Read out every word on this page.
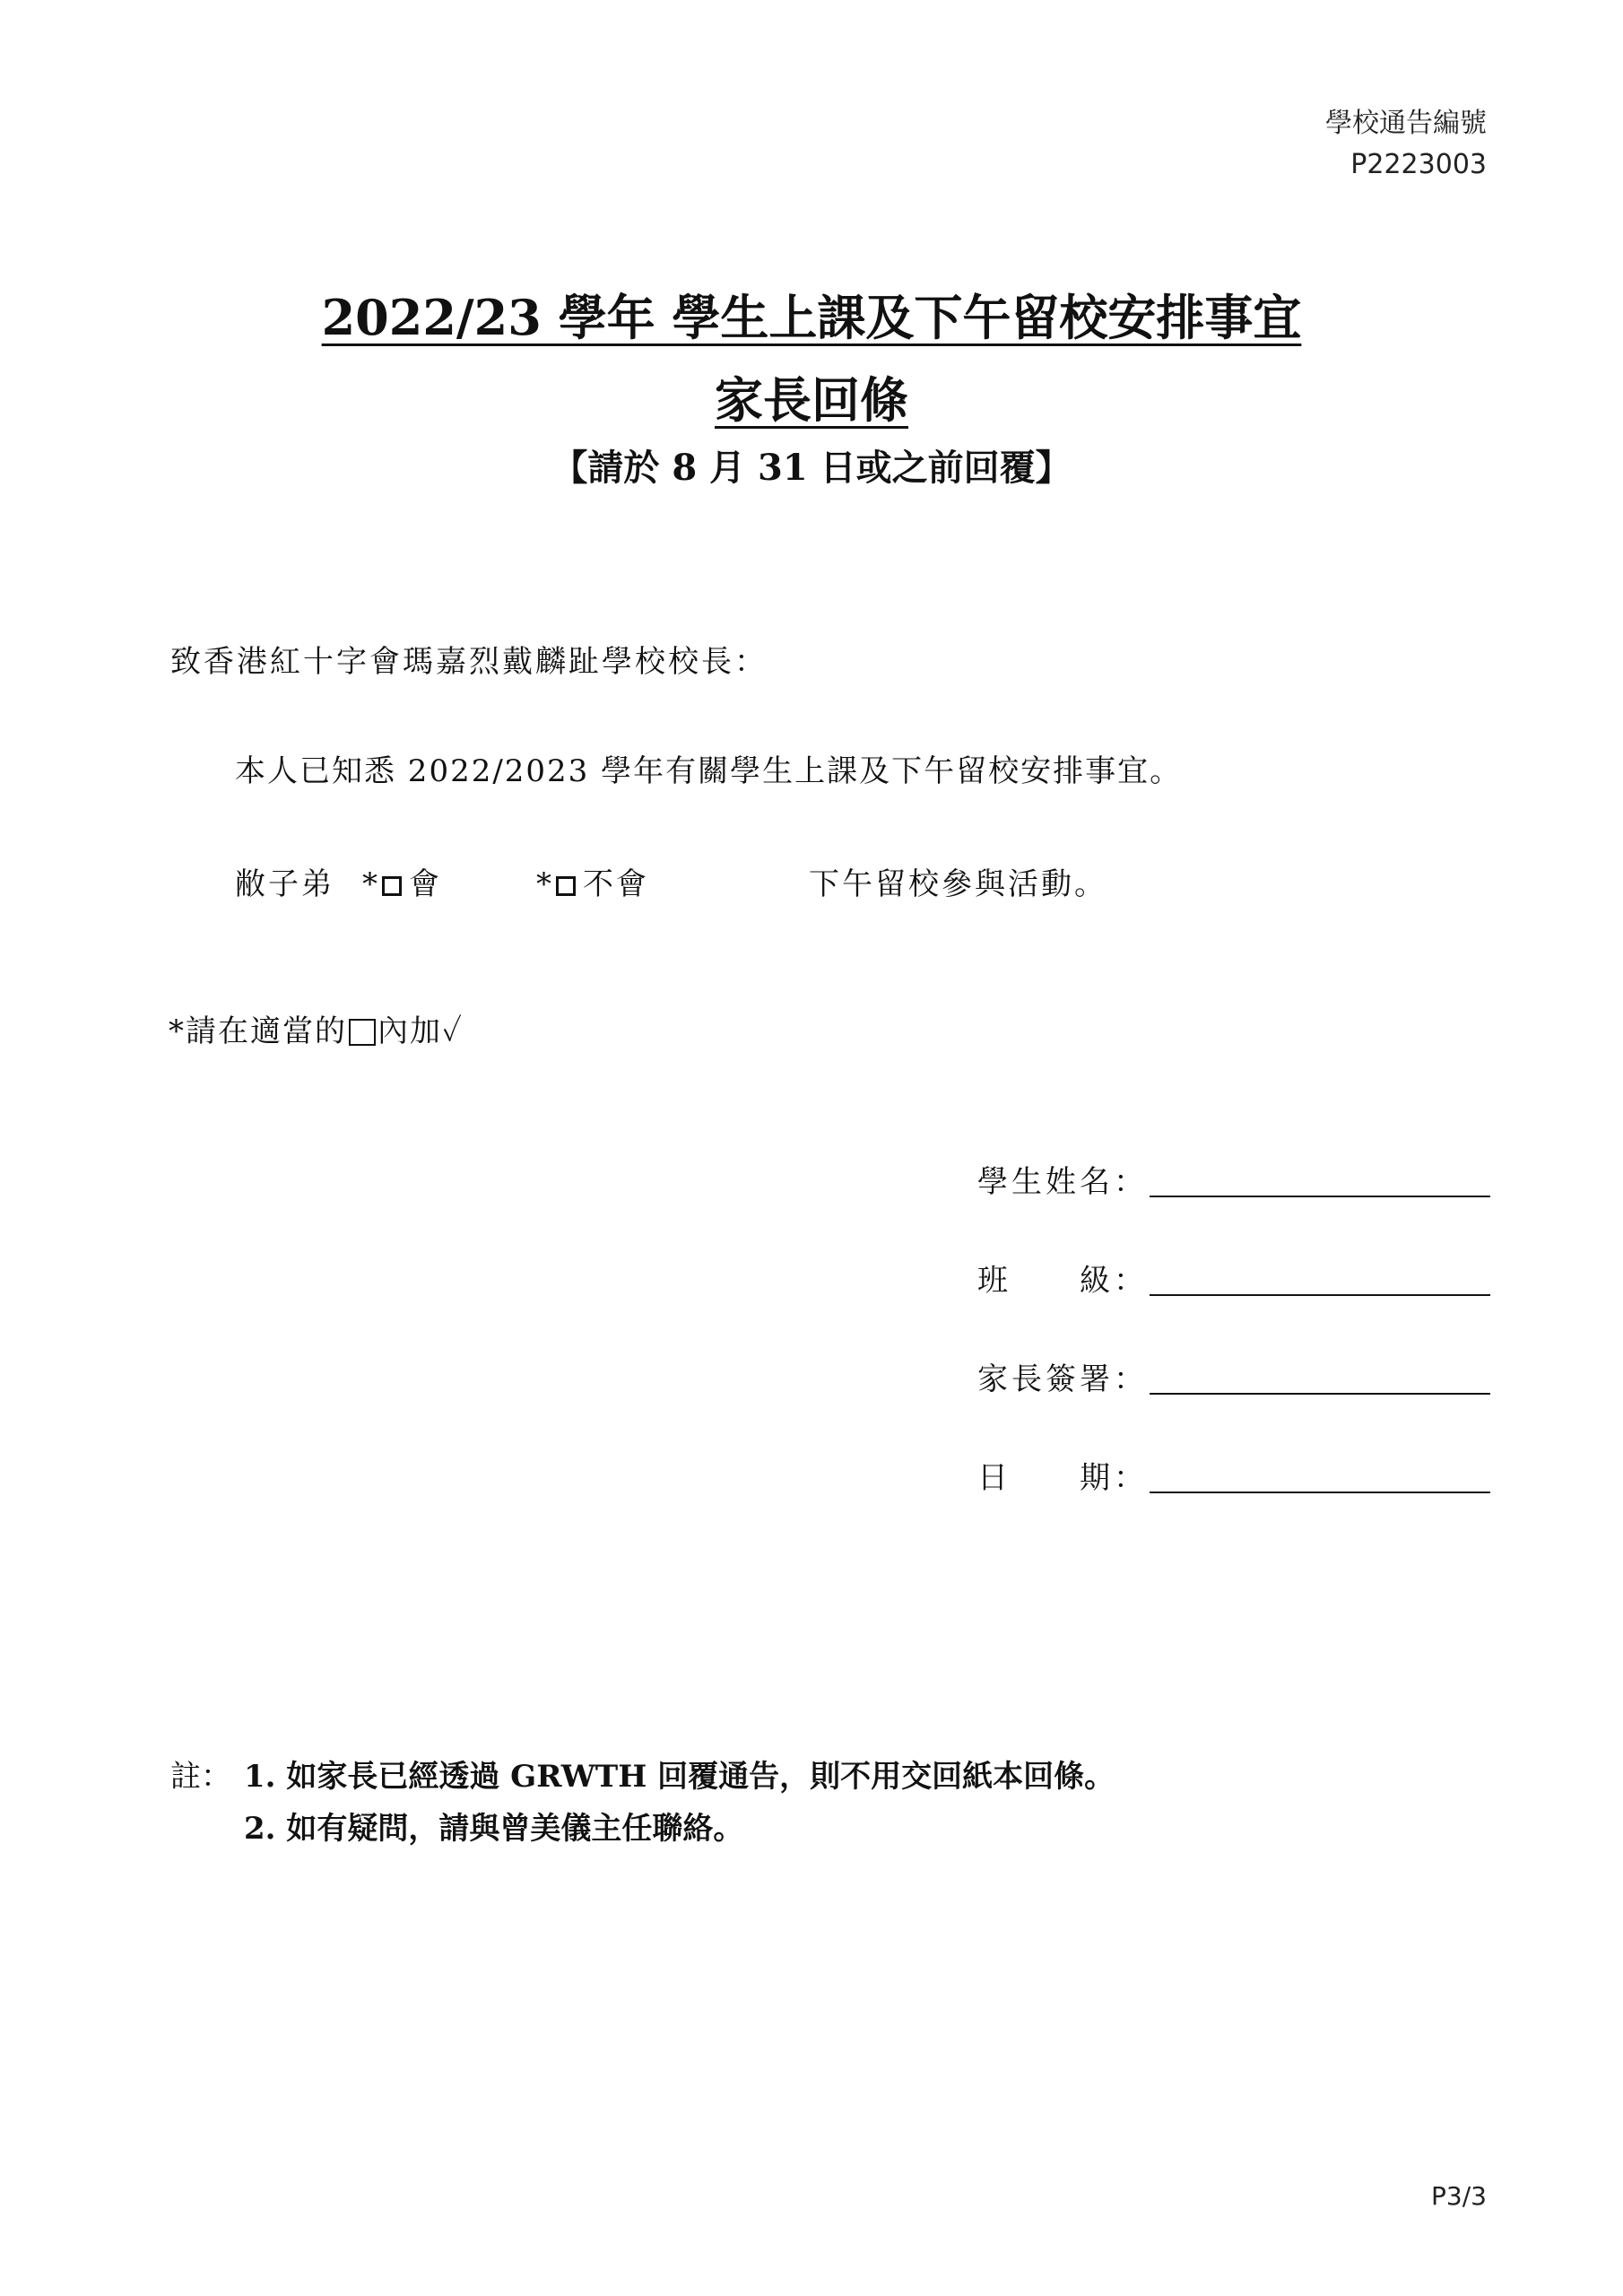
學校通告編號
P2223003
2022/23 學年 學生上課及下午留校安排事宜
家長回條
【請於 8 月 31 日或之前回覆】
致香港紅十字會瑪嘉烈戴麟趾學校校長：
本人已知悉 2022/2023 學年有關學生上課及下午留校安排事宜。
敝子弟 * 會	* 不會	下午留校參與活動。
*請在適當的 內加✓
學生姓名：
班　　級：
家長簽署：
日　　期：
註： 1. 如家長已經透過 GRWTH 回覆通告，則不用交回紙本回條。
2. 如有疑問，請與曾美儀主任聯絡。
P3/3
